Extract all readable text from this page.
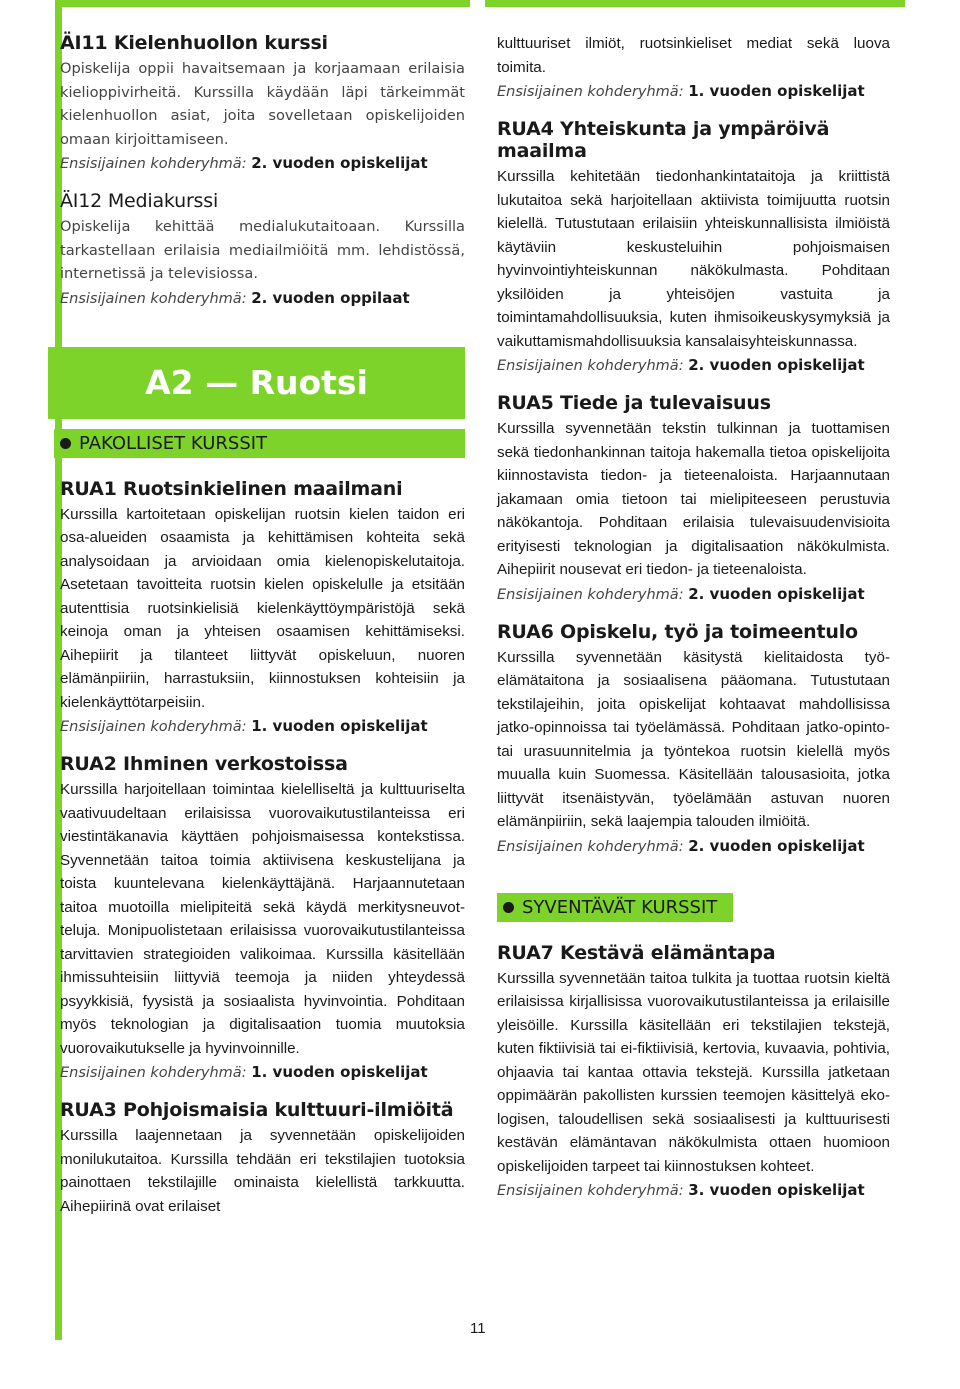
ÄI11 Kielenhuollon kurssi

Opiskelija oppii havaitsemaan ja korjaamaan erilaisia kielioppivirheitä. Kurssilla käydään läpi tärkeimmät kielenhuollon asiat, joita sovelletaan opiskelijoiden omaan kirjoittamiseen.

Ensisijainen kohderyhmä: 2. vuoden opiskelijat

ÄI12 Mediakurssi

Opiskelija kehittää medialukutaitoaan. Kurssilla tarkastellaan erilaisia mediailmiöitä mm. lehdistössä, internetissä ja televisiossa.

Ensisijainen kohderyhmä: 2. vuoden oppilaat

A2 — Ruotsi
PAKOLLISET KURSSIT
RUA1 Ruotsinkielinen maailmani

Kurssilla kartoitetaan opiskelijan ruotsin kielen taidon eri osa-alueiden osaamista ja kehittämisen kohteita sekä analysoidaan ja arvioidaan omia kielenopiskelutaitoja. Asetetaan tavoitteita ruotsin kielen opiskelulle ja etsitään autenttisia ruotsinkielisiä kielenkäyttöympäristöjä sekä keinoja oman ja yhteisen osaamisen kehittämiseksi. Aihepiirit ja tilanteet liittyvät opiskeluun, nuoren elämänpiiriin, harrastuksiin, kiinnostuksen kohteisiin ja kielenkäyttötarpeisiin.

Ensisijainen kohderyhmä: 1. vuoden opiskelijat

RUA2 Ihminen verkostoissa

Kurssilla harjoitellaan toimintaa kielelliseltä ja kulttuuriselta vaativuudeltaan erilaisissa vuorovaikutustilanteissa eri viestintäkanavia käyttäen pohjoismaisessa kontekstissa. Syvennetään taitoa toimia aktiivisena keskustelijana ja toista kuuntelevana kielenkäyttäjänä. Harjaannutetaan taitoa muotoilla mielipiteitä sekä käydä merkitysneuvotteluja. Monipuolistetaan erilaisissa vuorovaikutustilanteissa tarvittavien strategioiden valikoimaa. Kurssilla käsitellään ihmissuhteisiin liittyviä teemoja ja niiden yhteydessä psyykkisiä, fyysistä ja sosiaalista hyvinvointia. Pohditaan myös teknologian ja digitalisaation tuomia muutoksia vuorovaikutukselle ja hyvinvoinnille.

Ensisijainen kohderyhmä: 1. vuoden opiskelijat

RUA3 Pohjoismaisia kulttuuri-ilmiöitä

Kurssilla laajennetaan ja syvennetään opiskelijoiden monilukutaitoa. Kurssilla tehdään eri tekstilajien tuotoksia painottaen tekstilajille ominaista kielellistä tarkkuutta. Aihepiirinä ovat erilaiset

kulttuuriset ilmiöt, ruotsinkieliset mediat sekä luova toimita.

Ensisijainen kohderyhmä: 1. vuoden opiskelijat

RUA4 Yhteiskunta ja ympäröivä maailma

Kurssilla kehitetään tiedonhankintataitoja ja kriittistä lukutaitoa sekä harjoitellaan aktiivista toimijuutta ruotsin kielellä. Tutustutaan erilaisiin yhteiskunnallisista ilmiöistä käytäviin keskusteluihin pohjoismaisen hyvinvointiyhteiskunnan näkökulmasta. Pohditaan yksilöiden ja yhteisöjen vastuita ja toimintamahdollisuuksia, kuten ihmisoikeuskysymyksiä ja vaikuttamismahdollisuuksia kansalaisyhteiskunnassa.

Ensisijainen kohderyhmä: 2. vuoden opiskelijat

RUA5 Tiede ja tulevaisuus

Kurssilla syvennetään tekstin tulkinnan ja tuottamisen sekä tiedonhankinnan taitoja hakemalla tietoa opiskelijoita kiinnostavista tiedon- ja tieteenaloista. Harjaannutaan jakamaan omia tietoon tai mielipiteeseen perustuvia näkökantoja. Pohditaan erilaisia tulevaisuudenvisioita erityisesti teknologian ja digitalisaation näkökulmista. Aihepiirit nousevat eri tiedon- ja tieteenaloista.

Ensisijainen kohderyhmä: 2. vuoden opiskelijat

RUA6 Opiskelu, työ ja toimeentulo

Kurssilla syvennetään käsitystä kielitaidosta työelämätaitona ja sosiaalisena pääomana. Tutustutaan tekstilajeihin, joita opiskelijat kohtaavat mahdollisissa jatko-opinnoissa tai työelämässä. Pohditaan jatko-opinto- tai urasuunnitelmia ja työntekoa ruotsin kielellä myös muualla kuin Suomessa. Käsitellään talousasioita, jotka liittyvät itsenäistyvän, työelämään astuvan nuoren elämänpiiriin, sekä laajempia talouden ilmiöitä.

Ensisijainen kohderyhmä: 2. vuoden opiskelijat

SYVENTÄVÄT KURSSIT
RUA7 Kestävä elämäntapa

Kurssilla syvennetään taitoa tulkita ja tuottaa ruotsin kieltä erilaisissa kirjallisissa vuorovaikutustilanteissa ja erilaisille yleisöille. Kurssilla käsitellään eri tekstilajien tekstejä, kuten fiktiivisiä tai ei-fiktiivisiä, kertovia, kuvaavia, pohtivia, ohjaavia tai kantaa ottavia tekstejä. Kurssilla jatketaan oppimäärän pakollisten kurssien teemojen käsittelyä ekologisen, taloudellisen sekä sosiaalisesti ja kulttuurisesti kestävän elämäntavan näkökulmista ottaen huomioon opiskelijoiden tarpeet tai kiinnostuksen kohteet.

Ensisijainen kohderyhmä: 3. vuoden opiskelijat

11
